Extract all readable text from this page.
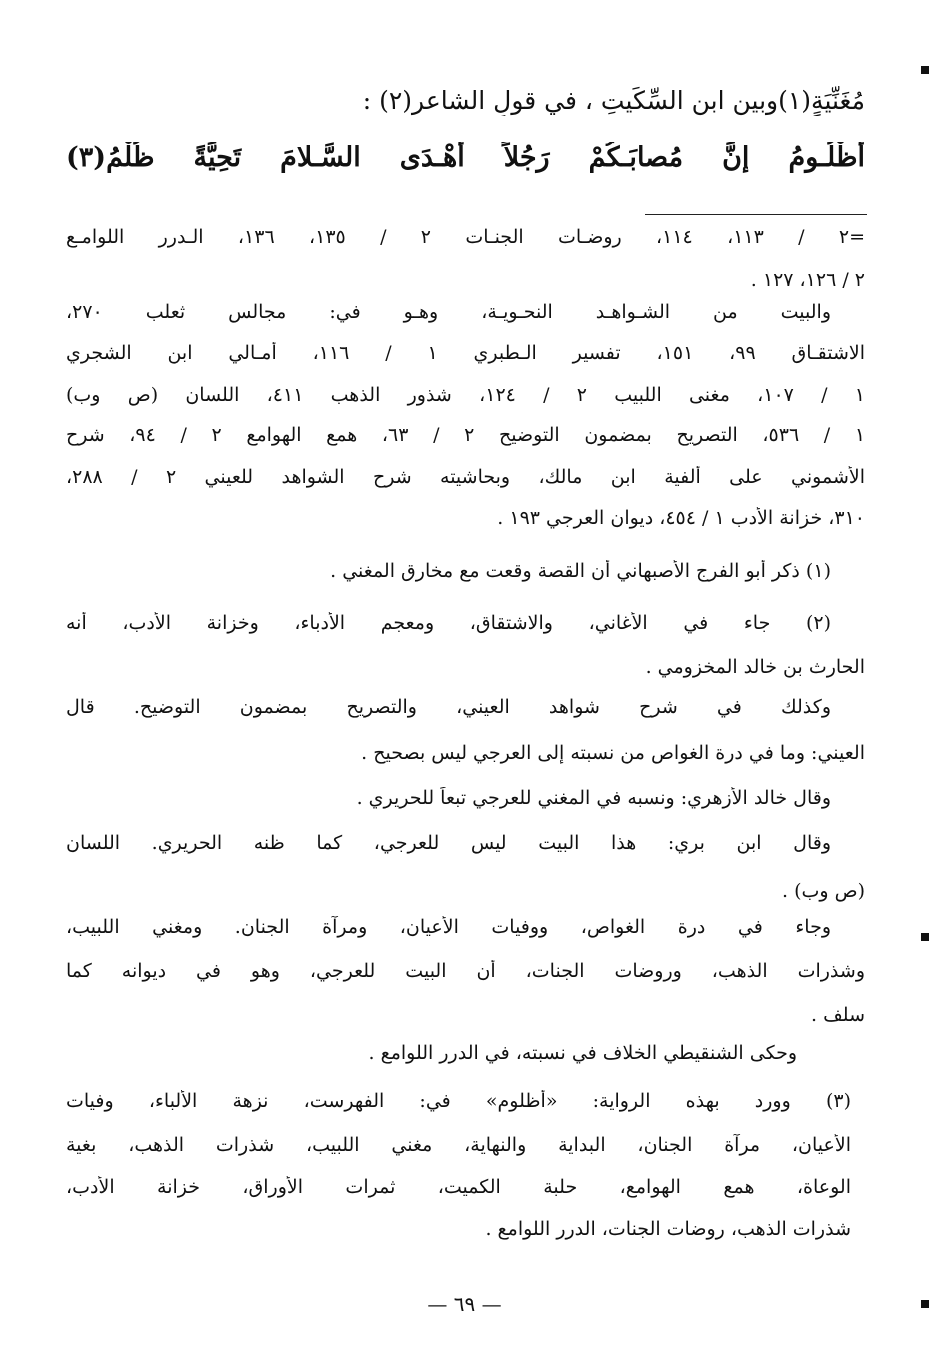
مُغَنِّيَةٍ(١)وبين ابنِ السِّكِّيتِ ، في قولِ الشاعر(٢) :
أظْلُـومُ إنَّ مُصابَـكُمْ رَجُلاً أهْـدَى السَّـلامَ تَحِيَّةً ظُلْمُ(٣)
=٢ / ١١٣، ١١٤، روضـات الجنـات ٢ / ١٣٥، ١٣٦، الـدرر اللوامـع
٢ / ١٢٦، ١٢٧ .
والبيت من الشـواهـد النحـويـة، وهـو في: مجالس ثعلب ٢٧٠،
الاشتقـاق ٩٩، ١٥١، تفسير الـطبري ١ / ١١٦، أمـالي ابن الشجري
١ / ١٠٧، مغنى اللبيب ٢ / ١٢٤، شذور الذهب ٤١١، اللسان (ص وب)
١ / ٥٣٦، التصريح بمضمون التوضيح ٢ / ٦٣، همع الهوامع ٢ / ٩٤، شرح
الأشموني على ألفية ابن مالك، وبحاشيته شرح الشواهد للعيني ٢ / ٢٨٨،
٣١٠، خزانة الأدب ١ / ٤٥٤، ديوان العرجي ١٩٣ .
(١) ذكر أبو الفرج الأصبهاني أن القصة وقعت مع مخارق المغني .
(٢) جاء في الأغاني، والاشتقاق، ومعجم الأدباء، وخزانة الأدب، أنه
الحارث بن خالد المخزومي .
وكذلك في شرح شواهد العيني، والتصريح بمضمون التوضيح. قال
العيني: وما في درة الغواص من نسبته إلى العرجي ليس بصحيح .
وقال خالد الأزهري: ونسبه في المغني للعرجي تبعاً للحريري .
وقال ابن بري: هذا البيت ليس للعرجي، كما ظنه الحريري. اللسان
(ص وب) .
وجاء في درة الغواص، ووفيات الأعيان، ومرآة الجنان. ومغني اللبيب،
وشذرات الذهب، وروضات الجنات، أن البيت للعرجي، وهو في ديوانه كما
سلف .
وحكى الشنقيطي الخلاف في نسبته، في الدرر اللوامع .
(٣) وورد بهذه الرواية: «أظلوم» في: الفهرست، نزهة الألباء، وفيات
الأعيان، مرآة الجنان، البداية والنهاية، مغني اللبيب، شذرات الذهب، بغية
الوعاة، همع الهوامع، حلبة الكميت، ثمرات الأوراق، خزانة الأدب،
شذرات الذهب، روضات الجنات، الدرر اللوامع .
— ٦٩ —
